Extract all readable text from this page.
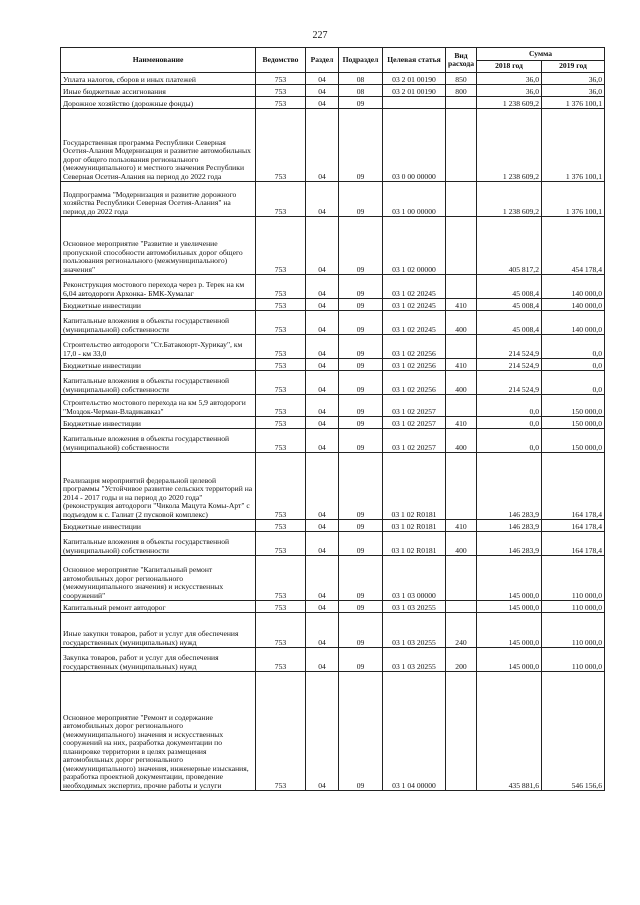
227
Наименование	Ведомство	Раздел	Подраздел	Целевая статья	Вид расхода	Сумма	
						2018 год	2019 год
Уплата налогов, сборов и иных платежей	753	04	08	03 2 01 00190	850	36,0	36,0
Иные бюджетные ассигнования	753	04	08	03 2 01 00190	800	36,0	36,0
Дорожное хозяйство (дорожные фонды)	753	04	09			1 238 609,2	1 376 100,1
Государственная программа Республики Северная Осетия-Алания Модернизация и развитие автомобильных дорог общего пользования регионального (межмуниципального) и местного значения Республики Северная Осетия-Алания на период до 2022 года	753	04	09	03 0 00 00000		1 238 609,2	1 376 100,1
Подпрограмма "Модернизация и развитие дорожного хозяйства Республики Северная Осетия-Алания" на период до 2022 года	753	04	09	03 1 00 00000		1 238 609,2	1 376 100,1
Основное мероприятие "Развитие и увеличение пропускной способности автомобильных дорог общего пользования регионального (межмуниципального) значения"	753	04	09	03 1 02 00000		405 817,2	454 178,4
Реконструкция мостового перехода через р. Терек на км 6,04 автодороги Архонка- БМК-Хумалаг	753	04	09	03 1 02 20245		45 008,4	140 000,0
Бюджетные инвестиции	753	04	09	03 1 02 20245	410	45 008,4	140 000,0
Капитальные вложения в объекты государственной (муниципальной) собственности	753	04	09	03 1 02 20245	400	45 008,4	140 000,0
Строительство автодороги "Ст.Батакоюрт-Хурикау", км 17,0 - км 33,0	753	04	09	03 1 02 20256		214 524,9	0,0
Бюджетные инвестиции	753	04	09	03 1 02 20256	410	214 524,9	0,0
Капитальные вложения в объекты государственной (муниципальной) собственности	753	04	09	03 1 02 20256	400	214 524,9	0,0
Строительство мостового перехода на км 5,9 автодороги "Моздок-Черман-Владикавказ"	753	04	09	03 1 02 20257		0,0	150 000,0
Бюджетные инвестиции	753	04	09	03 1 02 20257	410	0,0	150 000,0
Капитальные вложения в объекты государственной (муниципальной) собственности	753	04	09	03 1 02 20257	400	0,0	150 000,0
Реализация мероприятий федеральной целевой программы "Устойчивое развитие сельских территорий на 2014 - 2017 годы и на период до 2020 года" (реконструкция автодороги "Чикола Мацута Комы-Арт" с подъездом к с. Галиат (2 пусковой комплекс)	753	04	09	03 1 02 R0181		146 283,9	164 178,4
Бюджетные инвестиции	753	04	09	03 1 02 R0181	410	146 283,9	164 178,4
Капитальные вложения в объекты государственной (муниципальной) собственности	753	04	09	03 1 02 R0181	400	146 283,9	164 178,4
Основное мероприятие "Капитальный ремонт автомобильных дорог регионального (межмуниципального значения) и искусственных сооружений"	753	04	09	03 1 03 00000		145 000,0	110 000,0
Капитальный ремонт автодорог	753	04	09	03 1 03 20255		145 000,0	110 000,0
Иные закупки товаров, работ и услуг для обеспечения государственных (муниципальных) нужд	753	04	09	03 1 03 20255	240	145 000,0	110 000,0
Закупка товаров, работ и услуг для обеспечения государственных (муниципальных) нужд	753	04	09	03 1 03 20255	200	145 000,0	110 000,0
Основное мероприятие "Ремонт и содержание автомобильных дорог регионального (межмуниципального) значения и искусственных сооружений на них, разработка документации по планировке территории в целях размещения автомобильных дорог регионального (межмуниципального) значения, инженерные изыскания, разработка проектной документации, проведение необходимых экспертиз, прочие работы и услуги	753	04	09	03 1 04 00000		435 881,6	546 156,6
